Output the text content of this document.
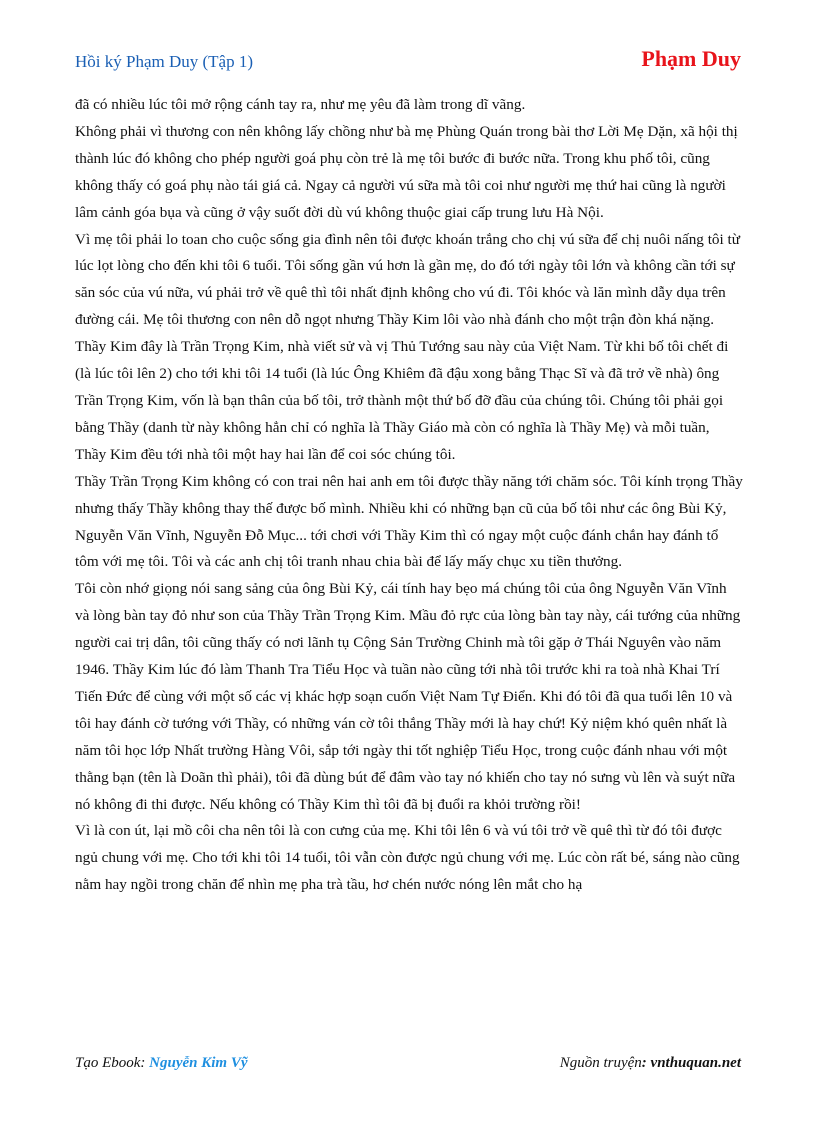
Hồi ký Phạm Duy (Tập 1)	Phạm Duy

đã có nhiều lúc tôi mở rộng cánh tay ra, như mẹ yêu đã làm trong dĩ vãng.

Không phải vì thương con nên không lấy chồng như bà mẹ Phùng Quán trong bài thơ Lời Mẹ Dặn, xã hội thị thành lúc đó không cho phép người goá phụ còn trẻ là mẹ tôi bước đi bước nữa. Trong khu phố tôi, cũng không thấy có goá phụ nào tái giá cả. Ngay cả người vú sữa mà tôi coi như người mẹ thứ hai cũng là người lâm cảnh góa bụa và cũng ở vậy suốt đời dù vú không thuộc giai cấp trung lưu Hà Nội.

Vì mẹ tôi phải lo toan cho cuộc sống gia đình nên tôi được khoán trắng cho chị vú sữa để chị nuôi nấng tôi từ lúc lọt lòng cho đến khi tôi 6 tuổi. Tôi sống gần vú hơn là gần mẹ, do đó tới ngày tôi lớn và không cần tới sự săn sóc của vú nữa, vú phải trở về quê thì tôi nhất định không cho vú đi. Tôi khóc và lăn mình dẫy dụa trên đường cái. Mẹ tôi thương con nên dỗ ngọt nhưng Thầy Kim lôi vào nhà đánh cho một trận đòn khá nặng.

Thầy Kim đây là Trần Trọng Kim, nhà viết sử và vị Thủ Tướng sau này của Việt Nam. Từ khi bố tôi chết đi (là lúc tôi lên 2) cho tới khi tôi 14 tuổi (là lúc Ông Khiêm đã đậu xong bằng Thạc Sĩ và đã trở về nhà) ông Trần Trọng Kim, vốn là bạn thân của bố tôi, trở thành một thứ bố đỡ đầu của chúng tôi. Chúng tôi phải gọi bằng Thầy (danh từ này không hẳn chỉ có nghĩa là Thầy Giáo mà còn có nghĩa là Thầy Mẹ) và mỗi tuần, Thầy Kim đều tới nhà tôi một hay hai lần để coi sóc chúng tôi.

Thầy Trần Trọng Kim không có con trai nên hai anh em tôi được thầy năng tới chăm sóc. Tôi kính trọng Thầy nhưng thấy Thầy không thay thế được bố mình. Nhiều khi có những bạn cũ của bố tôi như các ông Bùi Kỷ, Nguyễn Văn Vĩnh, Nguyễn Đỗ Mục... tới chơi với Thầy Kim thì có ngay một cuộc đánh chắn hay đánh tổ tôm với mẹ tôi. Tôi và các anh chị tôi tranh nhau chia bài để lấy mấy chục xu tiền thưởng.

Tôi còn nhớ giọng nói sang sảng của ông Bùi Kỷ, cái tính hay bẹo má chúng tôi của ông Nguyễn Văn Vĩnh và lòng bàn tay đỏ như son của Thầy Trần Trọng Kim. Mầu đỏ rực của lòng bàn tay này, cái tướng của những người cai trị dân, tôi cũng thấy có nơi lãnh tụ Cộng Sản Trường Chinh mà tôi gặp ở Thái Nguyên vào năm 1946. Thầy Kim lúc đó làm Thanh Tra Tiểu Học và tuần nào cũng tới nhà tôi trước khi ra toà nhà Khai Trí Tiến Đức để cùng với một số các vị khác hợp soạn cuốn Việt Nam Tự Điển. Khi đó tôi đã qua tuổi lên 10 và tôi hay đánh cờ tướng với Thầy, có những ván cờ tôi thắng Thầy mới là hay chứ! Kỷ niệm khó quên nhất là năm tôi học lớp Nhất trường Hàng Vôi, sắp tới ngày thi tốt nghiệp Tiểu Học, trong cuộc đánh nhau với một thằng bạn (tên là Doãn thì phải), tôi đã dùng bút để đâm vào tay nó khiến cho tay nó sưng vù lên và suýt nữa nó không đi thi được. Nếu không có Thầy Kim thì tôi đã bị đuổi ra khỏi trường rồi!

Vì là con út, lại mồ côi cha nên tôi là con cưng của mẹ. Khi tôi lên 6 và vú tôi trở về quê thì từ đó tôi được ngủ chung với mẹ. Cho tới khi tôi 14 tuổi, tôi vẫn còn được ngủ chung với mẹ. Lúc còn rất bé, sáng nào cũng nằm hay ngồi trong chăn để nhìn mẹ pha trà tầu, hơ chén nước nóng lên mắt cho hạ

Tạo Ebook: Nguyễn Kim Vỹ	Nguồn truyện: vnthuquan.net
